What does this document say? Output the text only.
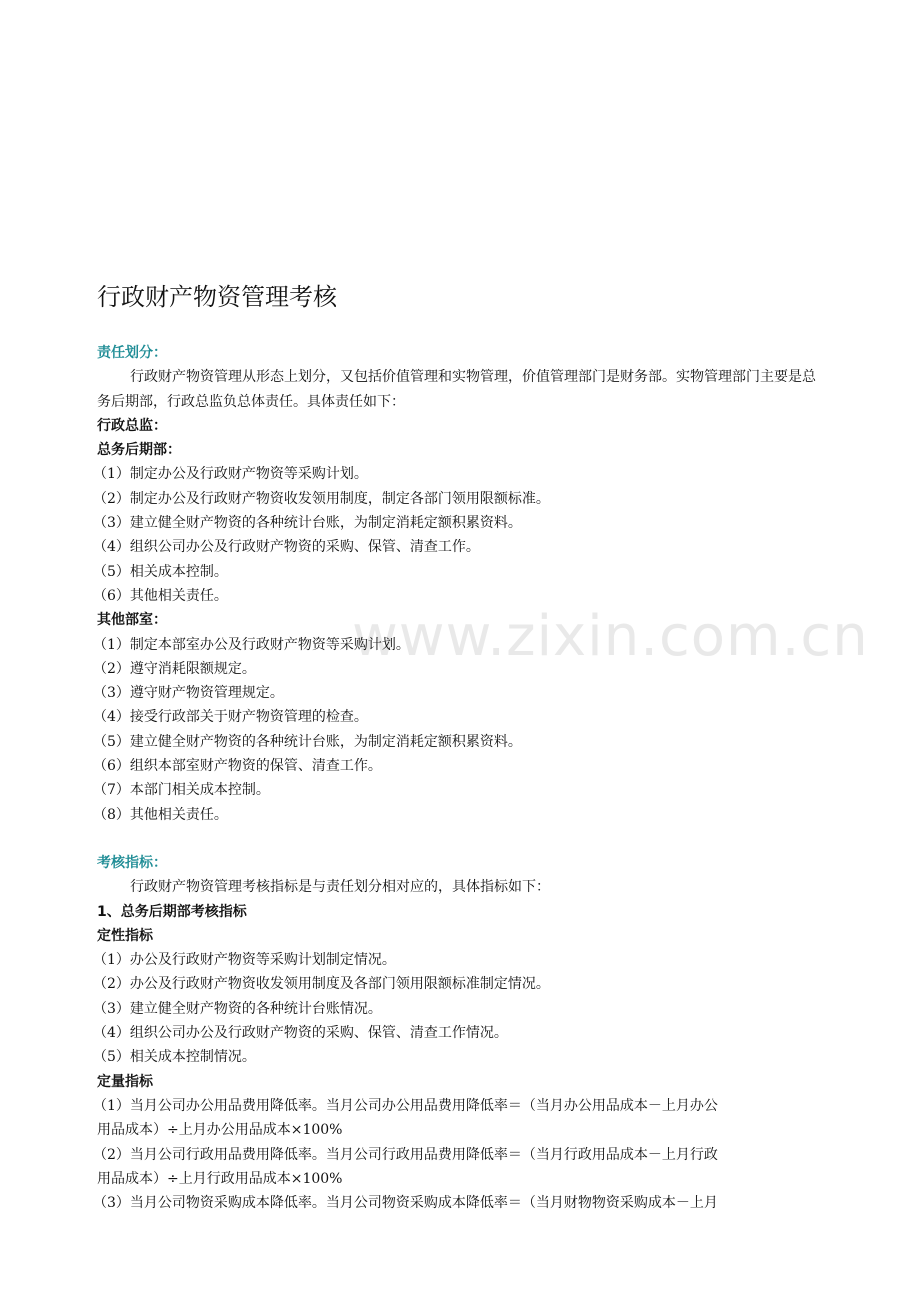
www.zixin.com.cn
行政财产物资管理考核
责任划分：
行政财产物资管理从形态上划分，又包括价值管理和实物管理，价值管理部门是财务部。实物管理部门主要是总务后期部，行政总监负总体责任。具体责任如下：
行政总监：
总务后期部：
（1）制定办公及行政财产物资等采购计划。
（2）制定办公及行政财产物资收发领用制度，制定各部门领用限额标准。
（3）建立健全财产物资的各种统计台账，为制定消耗定额积累资料。
（4）组织公司办公及行政财产物资的采购、保管、清查工作。
（5）相关成本控制。
（6）其他相关责任。
其他部室：
（1）制定本部室办公及行政财产物资等采购计划。
（2）遵守消耗限额规定。
（3）遵守财产物资管理规定。
（4）接受行政部关于财产物资管理的检查。
（5）建立健全财产物资的各种统计台账，为制定消耗定额积累资料。
（6）组织本部室财产物资的保管、清查工作。
（7）本部门相关成本控制。
（8）其他相关责任。
考核指标：
行政财产物资管理考核指标是与责任划分相对应的，具体指标如下：
1、总务后期部考核指标
定性指标
（1）办公及行政财产物资等采购计划制定情况。
（2）办公及行政财产物资收发领用制度及各部门领用限额标准制定情况。
（3）建立健全财产物资的各种统计台账情况。
（4）组织公司办公及行政财产物资的采购、保管、清查工作情况。
（5）相关成本控制情况。
定量指标
（1）当月公司办公用品费用降低率。当月公司办公用品费用降低率＝（当月办公用品成本－上月办公
用品成本）÷上月办公用品成本×100%
（2）当月公司行政用品费用降低率。当月公司行政用品费用降低率＝（当月行政用品成本－上月行政
用品成本）÷上月行政用品成本×100%
（3）当月公司物资采购成本降低率。当月公司物资采购成本降低率＝（当月财物物资采购成本－上月
